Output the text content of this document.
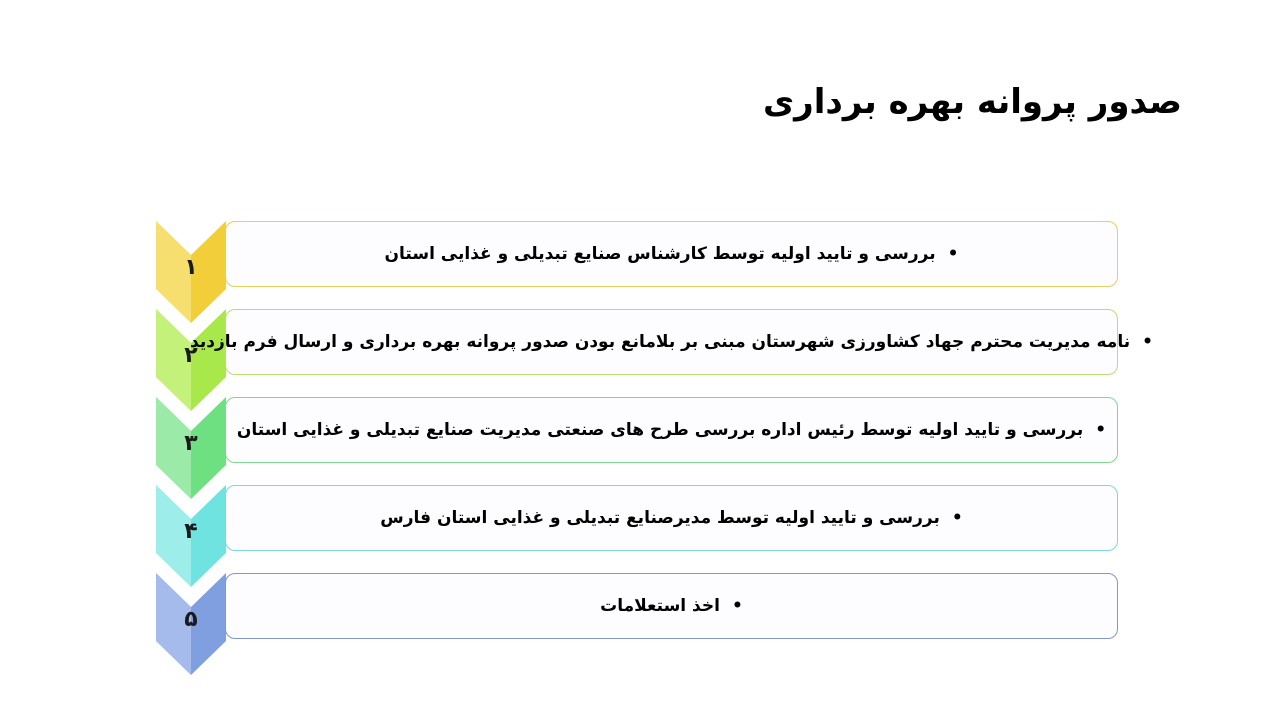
صدور پروانه بهره برداری
۱
• بررسی و تایید اولیه توسط کارشناس صنایع تبدیلی و غذایی استان
۲
• نامه مدیریت محترم جهاد کشاورزی شهرستان مبنی بر بلامانع بودن صدور پروانه بهره برداری و ارسال فرم بازدید
۳
• بررسی و تایید اولیه توسط رئیس اداره بررسی طرح های صنعتی مدیریت صنایع تبدیلی و غذایی استان
۴
• بررسی و تایید اولیه توسط مدیرصنایع تبدیلی و غذایی استان فارس
۵
• اخذ استعلامات
